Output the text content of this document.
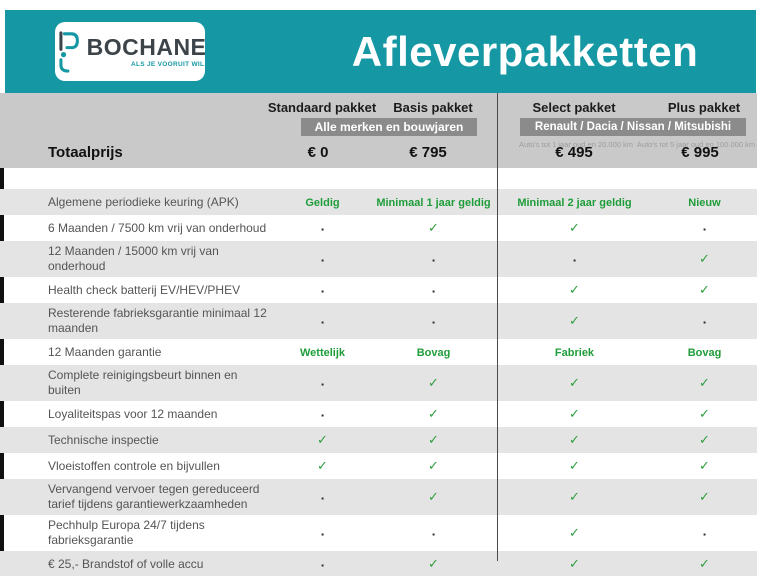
BOCHANE
ALS JE VOORUIT WIL.	Afleverpakketten
Standaard pakket Basis pakket	Select pakket	Plus pakket
Alle merken en bouwjaren	Renault / Dacia / Nissan / Mitsubishi
Auto's tot 1 jaar oud en 20.000 km Auto's tot 5 jaar oud en 100.000 km
Totaalprijs	€ 0	€ 795	€ 495	€ 995
Algemene periodieke keuring (APK)	Geldig	Minimaal 1 jaar geldig	Minimaal 2 jaar geldig	Nieuw
6 Maanden / 7500 km vrij van onderhoud	▪	✓	✓	▪
12 Maanden / 15000 km vrij van onderhoud	▪	▪	▪	✓
Health check batterij EV/HEV/PHEV	▪	▪	✓	✓
Resterende fabrieksgarantie minimaal 12 maanden	▪	▪	✓	▪
12 Maanden garantie	Wettelijk	Bovag	Fabriek	Bovag
Complete reinigingsbeurt binnen en buiten	▪	✓	✓	✓
Loyaliteitspas voor 12 maanden	▪	✓	✓	✓
Technische inspectie	✓	✓	✓	✓
Vloeistoffen controle en bijvullen	✓	✓	✓	✓
Vervangend vervoer tegen gereduceerd tarief tijdens garantiewerkzaamheden	▪	✓	✓	✓
Pechhulp Europa 24/7 tijdens fabrieksgarantie	▪	▪	✓	▪
€ 25,- Brandstof of volle accu	▪	✓	✓	✓
